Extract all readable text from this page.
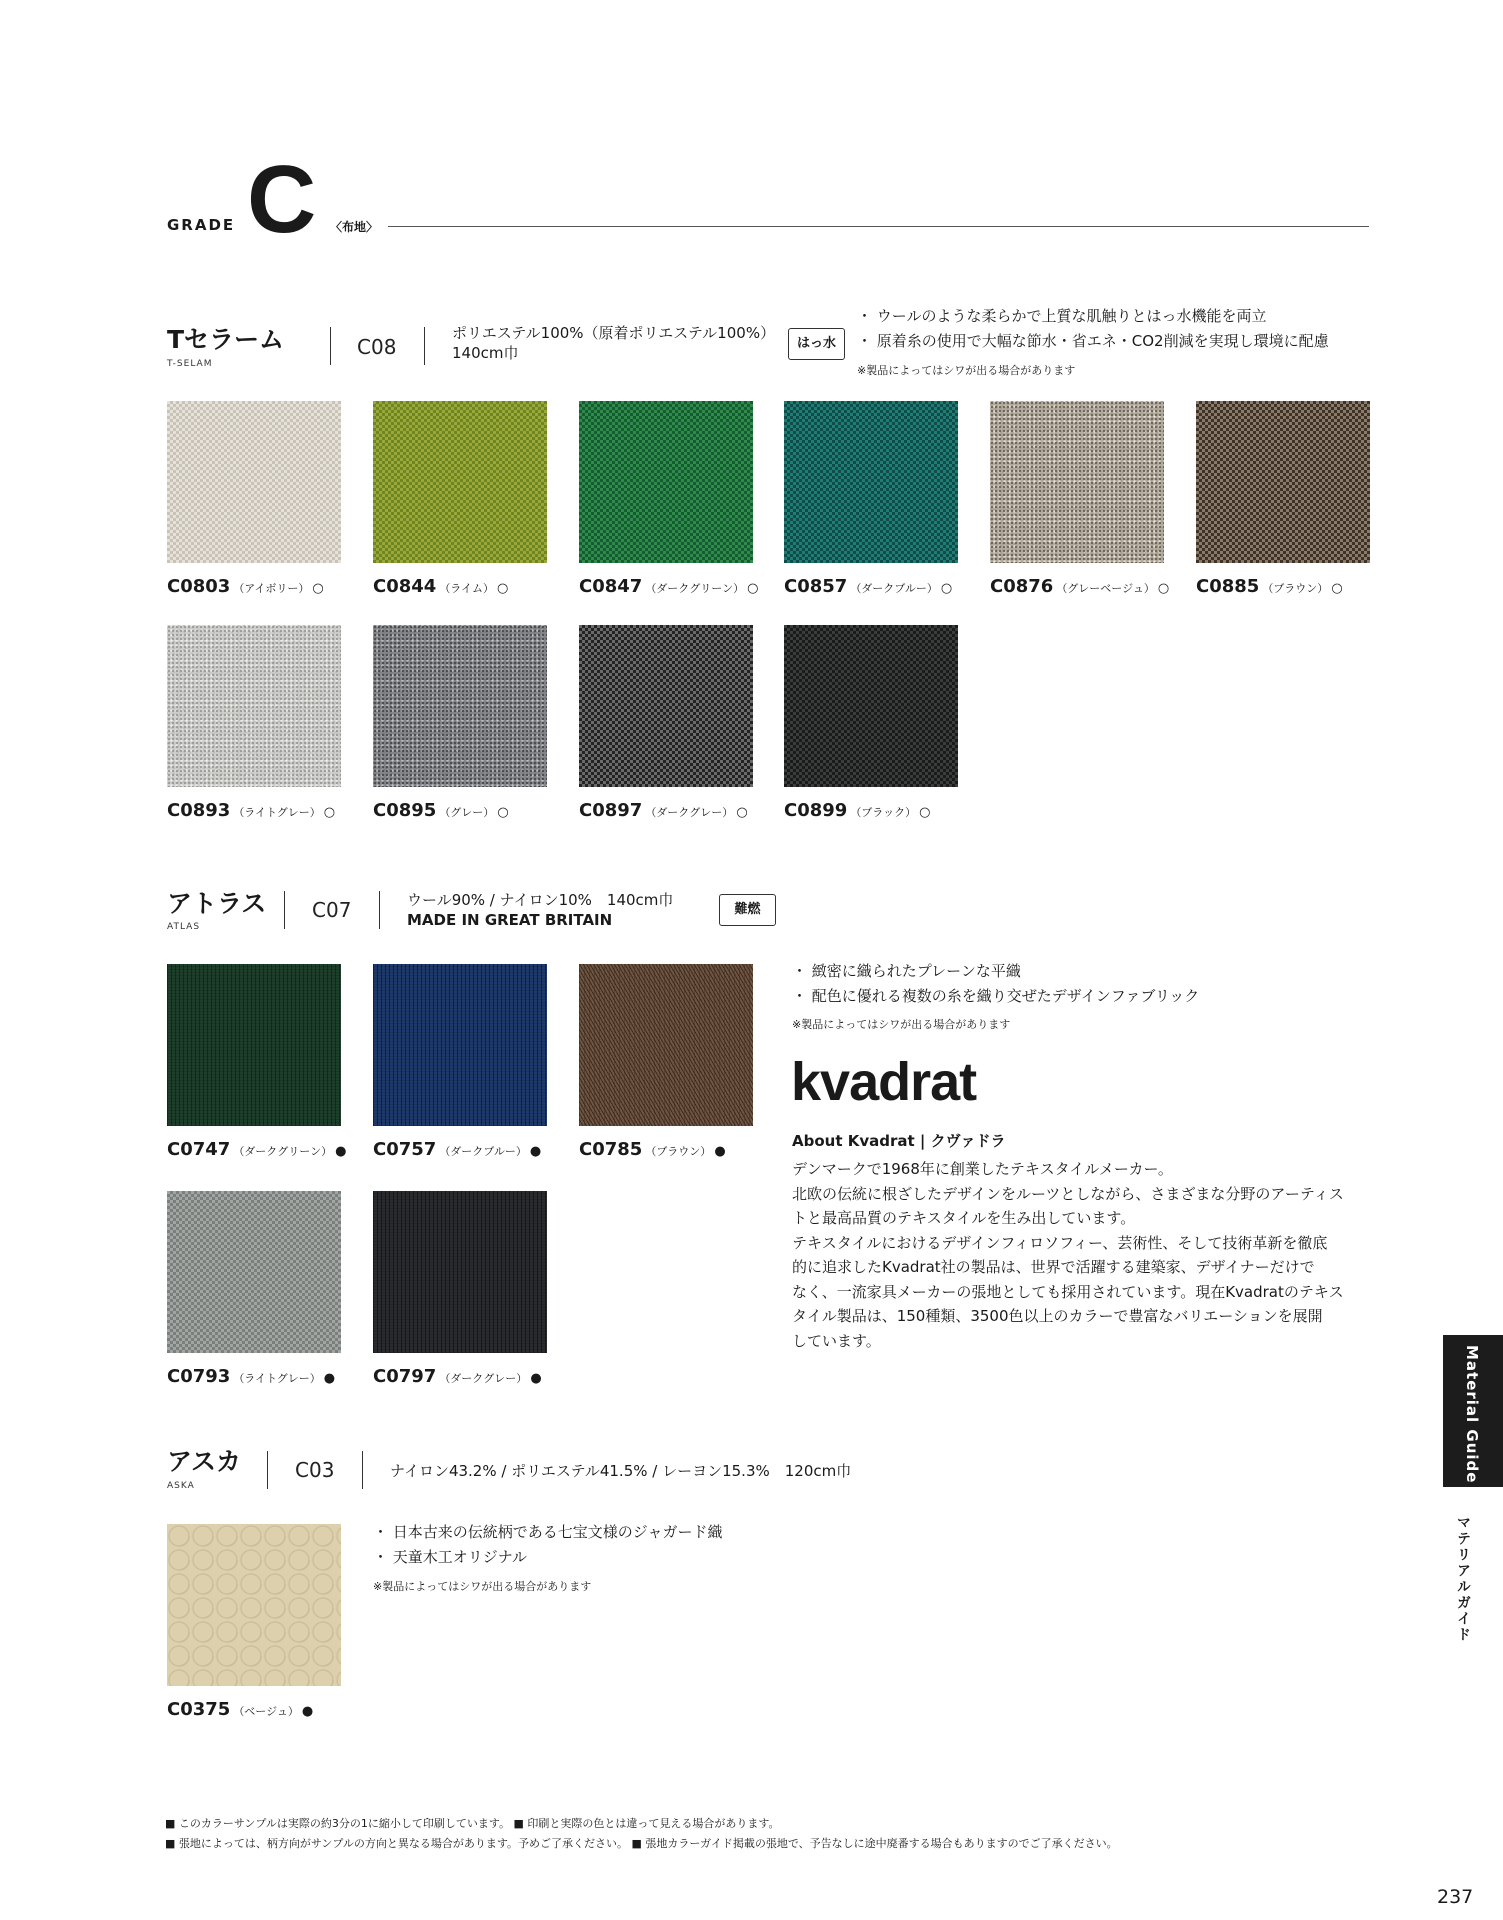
GRADE C 〈布地〉
Tセラーム
T-SELAM
C08
ポリエステル100%（原着ポリエステル100%）
140cm巾
はっ水
・ ウールのような柔らかで上質な肌触りとはっ水機能を両立
・ 原着糸の使用で大幅な節水・省エネ・CO2削減を実現し環境に配慮
※製品によってはシワが出る場合があります
C0803 （アイボリー） ○	C0844 （ライム） ○	C0847 （ダークグリーン） ○ C0857 （ダークブルー） ○ C0876 （グレーベージュ） ○ C0885 （ブラウン） ○
C0893 （ライトグレー） ○ C0895 （グレー） ○	C0897 （ダークグレー） ○ C0899 （ブラック） ○
アトラス
ATLAS
C07	ウール90% / ナイロン10%　140cm巾
MADE IN GREAT BRITAIN
難燃
・ 緻密に織られたプレーンな平織
・ 配色に優れる複数の糸を織り交ぜたデザインファブリック
※製品によってはシワが出る場合があります
C0747 （ダークグリーン） ● C0757 （ダークブルー） ● C0785 （ブラウン） ●
C0793 （ライトグレー） ● C0797 （ダークグレー） ●
kvadrat
About Kvadrat | クヴァドラ
デンマークで1968年に創業したテキスタイルメーカー。
北欧の伝統に根ざしたデザインをルーツとしながら、さまざまな分野のアーティス
トと最高品質のテキスタイルを生み出しています。
テキスタイルにおけるデザインフィロソフィー、芸術性、そして技術革新を徹底
的に追求したKvadrat社の製品は、世界で活躍する建築家、デザイナーだけで
なく、一流家具メーカーの張地としても採用されています。現在Kvadratのテキス
タイル製品は、150種類、3500色以上のカラーで豊富なバリエーションを展開
しています。
アスカ
ASKA
C03	ナイロン43.2% / ポリエステル41.5% / レーヨン15.3%　120cm巾
C0375 （ベージュ） ●
・ 日本古来の伝統柄である七宝文様のジャガード織
・ 天童木工オリジナル
※製品によってはシワが出る場合があります
Material Guide
マテリアルガイド
■ このカラーサンプルは実際の約3分の1に縮小して印刷しています。 ■ 印刷と実際の色とは違って見える場合があります。
■ 張地によっては、柄方向がサンプルの方向と異なる場合があります。予めご了承ください。 ■ 張地カラーガイド掲載の張地で、予告なしに途中廃番する場合もありますのでご了承ください。
237
